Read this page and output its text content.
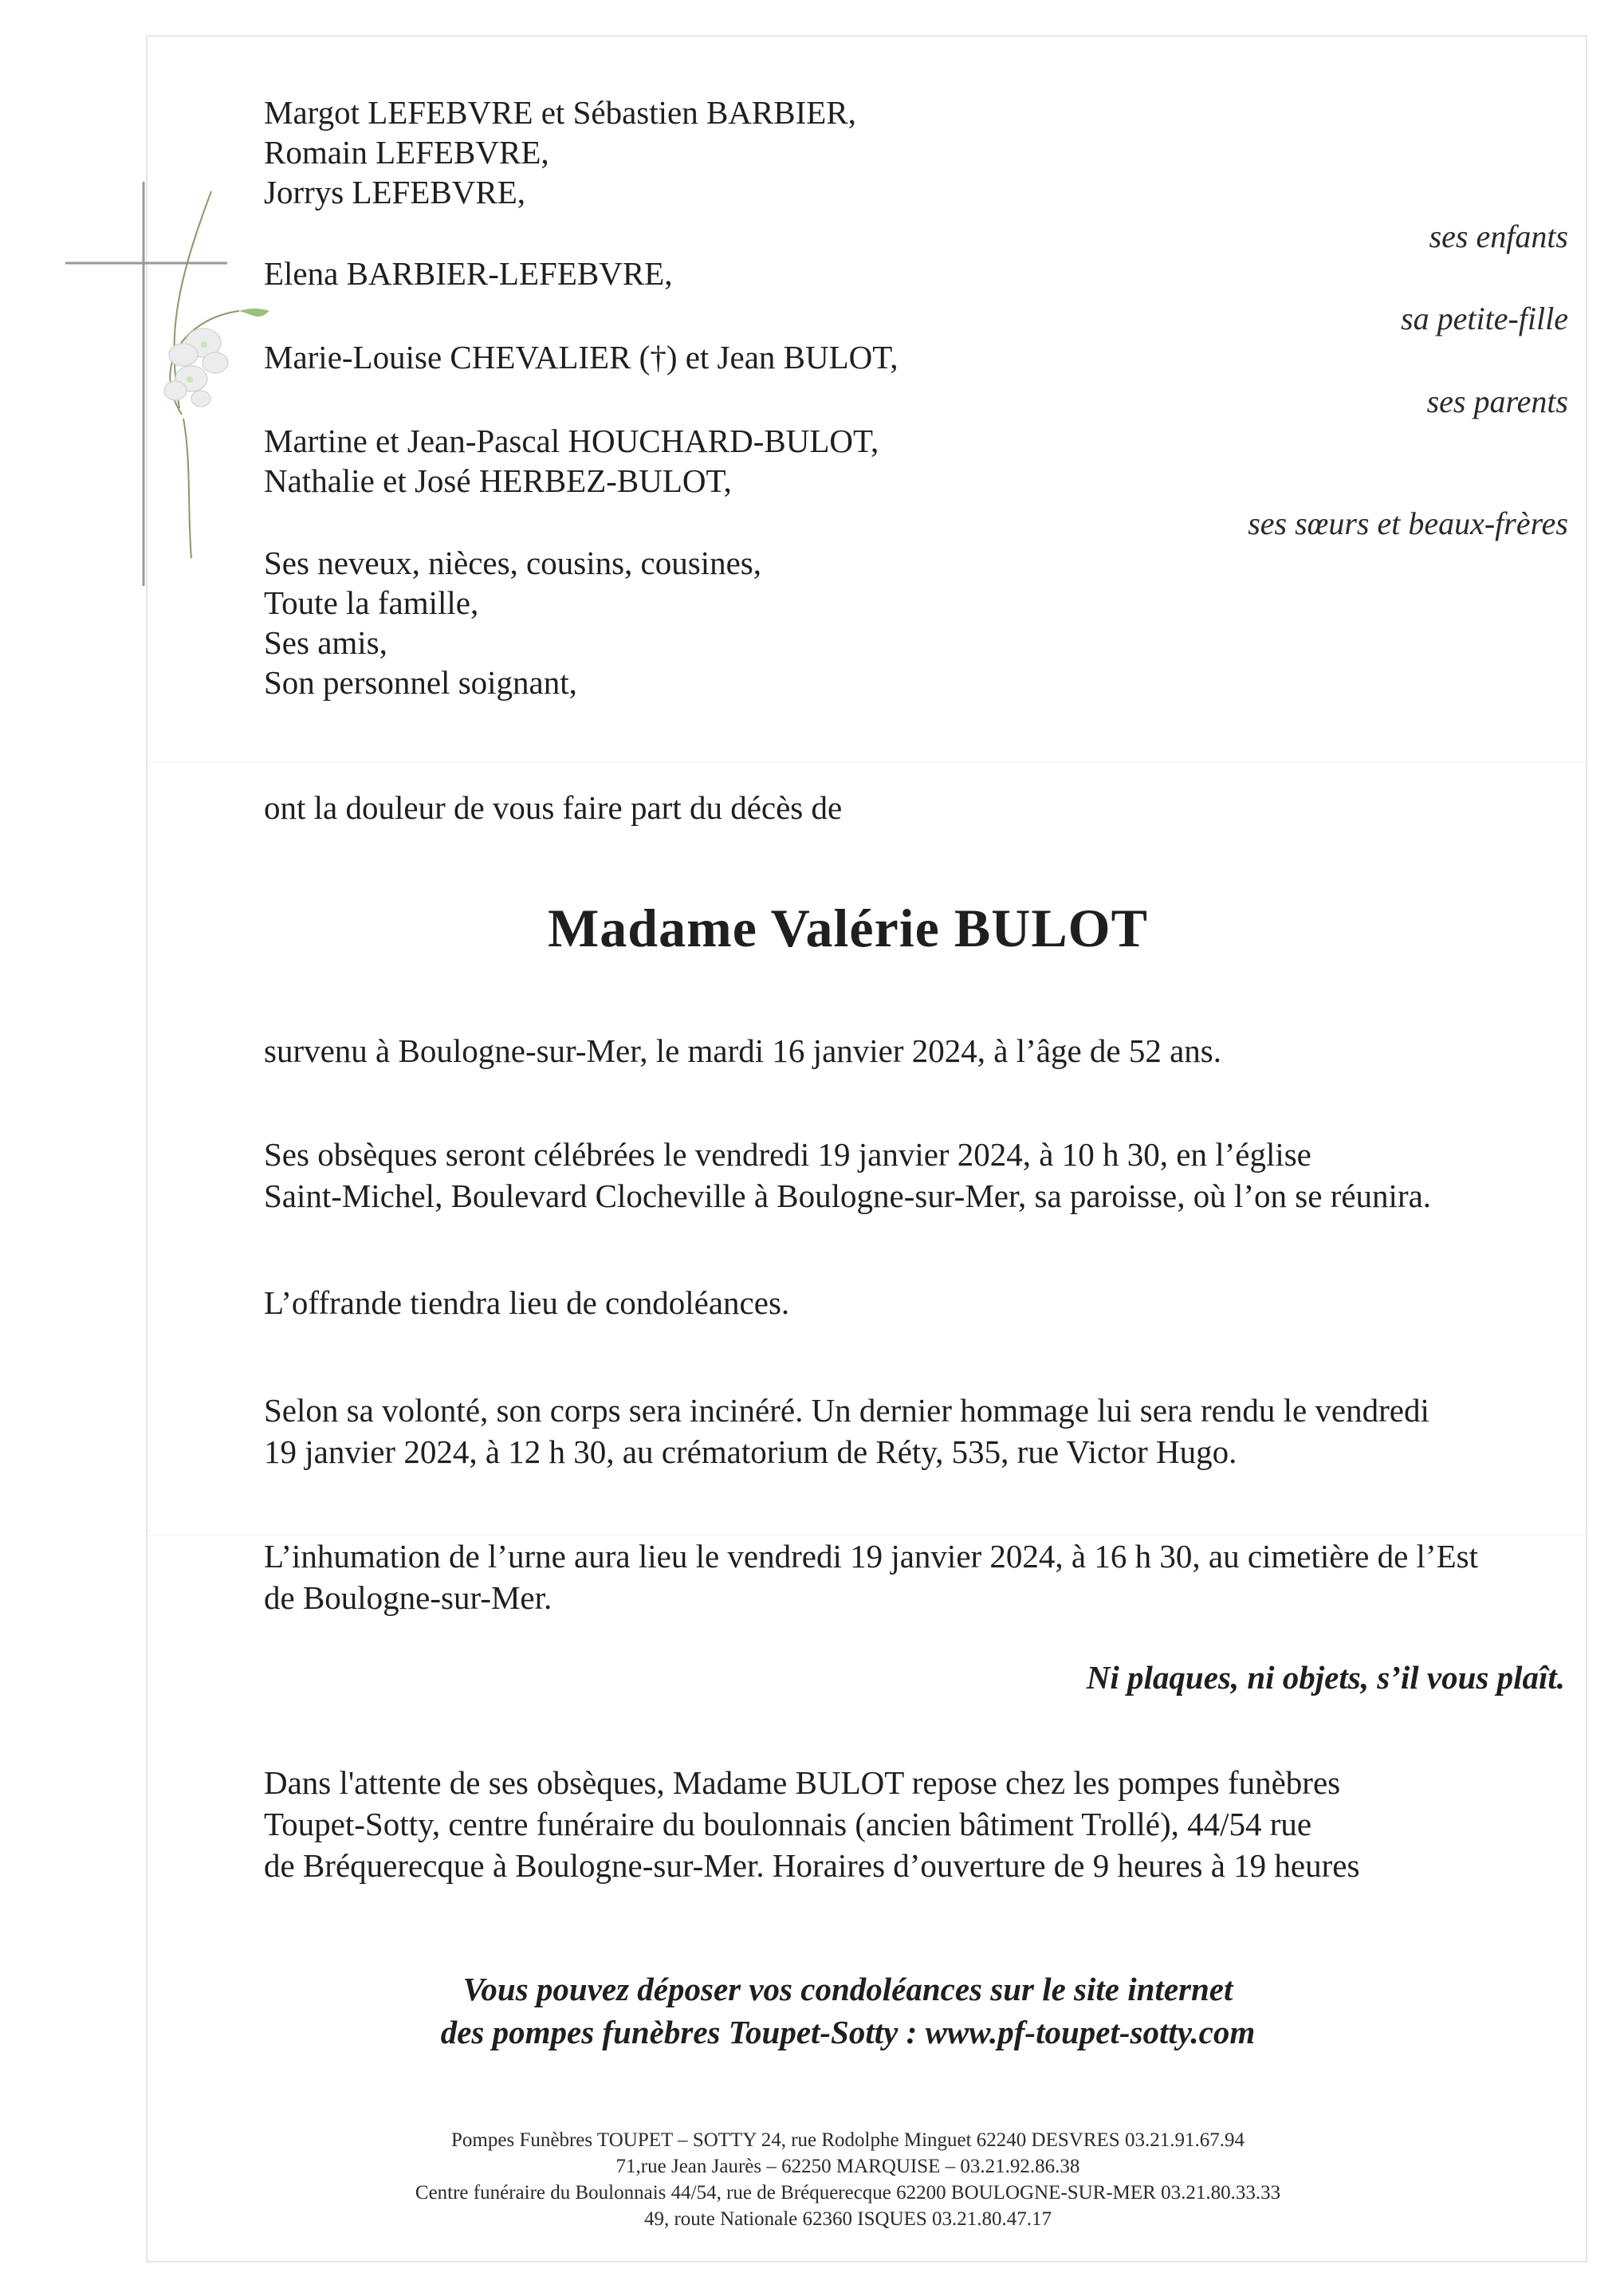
Margot LEFEBVRE et Sébastien BARBIER,
Romain LEFEBVRE,
Jorrys LEFEBVRE,
ses enfants
Elena BARBIER-LEFEBVRE,
sa petite-fille
Marie-Louise CHEVALIER (†) et Jean BULOT,
ses parents
Martine et Jean-Pascal HOUCHARD-BULOT,
Nathalie et José HERBEZ-BULOT,
ses sœurs et beaux-frères
Ses neveux, nièces, cousins, cousines,
Toute la famille,
Ses amis,
Son personnel soignant,
ont la douleur de vous faire part du décès de
Madame Valérie BULOT
survenu à Boulogne-sur-Mer, le mardi 16 janvier 2024, à l’âge de 52 ans.
Ses obsèques seront célébrées le vendredi 19 janvier 2024, à 10 h 30, en l’église
Saint-Michel, Boulevard Clocheville à Boulogne-sur-Mer, sa paroisse, où l’on se réunira.
L’offrande tiendra lieu de condoléances.
Selon sa volonté, son corps sera incinéré. Un dernier hommage lui sera rendu le vendredi
19 janvier 2024, à 12 h 30, au crématorium de Réty, 535, rue Victor Hugo.
L’inhumation de l’urne aura lieu le vendredi 19 janvier 2024, à 16 h 30, au cimetière de l’Est
de Boulogne-sur-Mer.
Ni plaques, ni objets, s’il vous plaît.
Dans l'attente de ses obsèques, Madame BULOT repose chez les pompes funèbres
Toupet-Sotty, centre funéraire du boulonnais (ancien bâtiment Trollé), 44/54 rue
de Bréquerecque à Boulogne-sur-Mer. Horaires d’ouverture de 9 heures à 19 heures
Vous pouvez déposer vos condoléances sur le site internet
des pompes funèbres Toupet-Sotty : www.pf-toupet-sotty.com
Pompes Funèbres TOUPET – SOTTY 24, rue Rodolphe Minguet 62240 DESVRES 03.21.91.67.94
71,rue Jean Jaurès – 62250 MARQUISE – 03.21.92.86.38
Centre funéraire du Boulonnais 44/54, rue de Bréquerecque 62200 BOULOGNE-SUR-MER 03.21.80.33.33
49, route Nationale 62360 ISQUES 03.21.80.47.17
